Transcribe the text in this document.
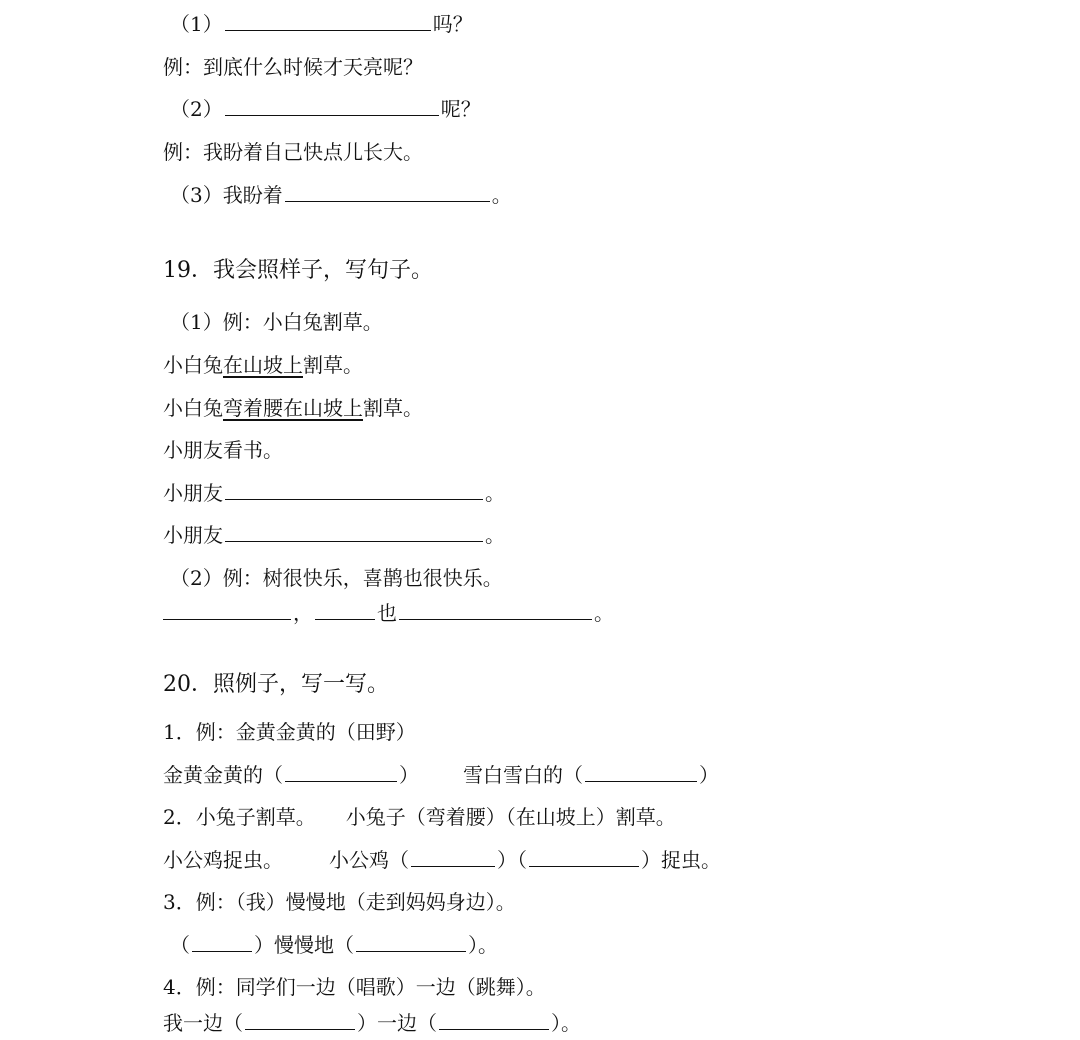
（1）	吗？
例：到底什么时候才天亮呢？
（2）	呢？
例：我盼着自己快点儿长大。
（3）我盼着	。
19．我会照样子，写句子。
（1）例：小白兔割草。
小白兔在山坡上割草。
小白兔弯着腰在山坡上割草。
小朋友看书。
小朋友	。
小朋友	。
（2）例：树很快乐，喜鹊也很快乐。
，	也	。
20．照例子，写一写。
1．例：金黄金黄的（田野）
金黄金黄的（	） 雪白雪白的（	）
2．小兔子割草。 小兔子（弯着腰）（在山坡上）割草。
小公鸡捉虫。 小公鸡（	）（	）捉虫。
3．例：（我）慢慢地（走到妈妈身边）。
（	）慢慢地（	）。
4．例：同学们一边（唱歌）一边（跳舞）。
我一边（	）一边（	）。
